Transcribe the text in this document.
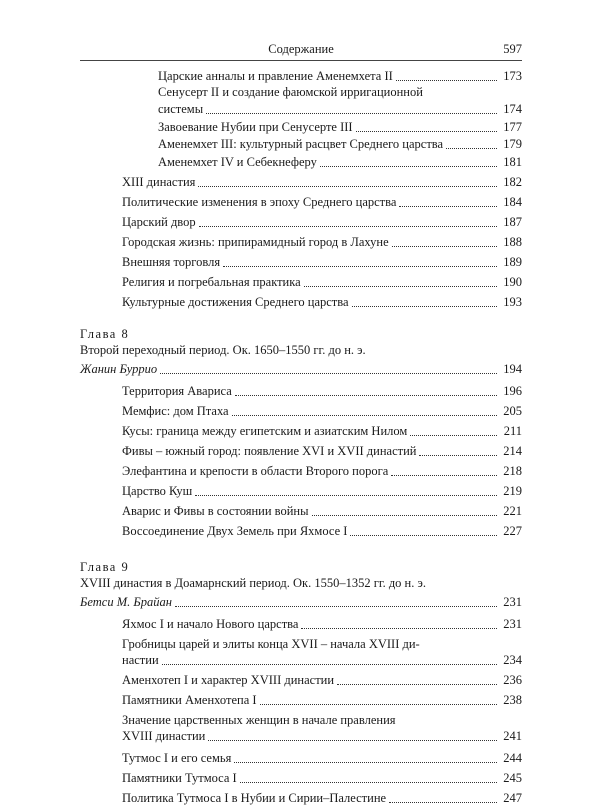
Содержание	597
Царские анналы и правление Аменемхета II	173
Сенусерт II и создание фаюмской ирригационной
системы	174
Завоевание Нубии при Сенусерте III	177
Аменемхет III: культурный расцвет Среднего царства	179
Аменемхет IV и Себекнеферу	181
XIII династия	182
Политические изменения в эпоху Среднего царства	184
Царский двор	187
Городская жизнь: припирамидный город в Лахуне	188
Внешняя торговля	189
Религия и погребальная практика	190
Культурные достижения Среднего царства	193
Глава 8
Второй переходный период. Ок. 1650–1550 гг. до н. э.
Жанин Буррио	194
Территория Авариса	196
Мемфис: дом Птаха	205
Кусы: граница между египетским и азиатским Нилом	211
Фивы – южный город: появление XVI и XVII династий	214
Элефантина и крепости в области Второго порога	218
Царство Куш	219
Аварис и Фивы в состоянии войны	221
Воссоединение Двух Земель при Яхмосе I	227
Глава 9
XVIII династия в Доамарнский период. Ок. 1550–1352 гг. до н. э.
Бетси М. Брайан	231
Яхмос I и начало Нового царства	231
Гробницы царей и элиты конца XVII – начала XVIII ди-
настии	234
Аменхотеп I и характер XVIII династии	236
Памятники Аменхотепа I	238
Значение царственных женщин в начале правления
XVIII династии	241
Тутмос I и его семья	244
Памятники Тутмоса I	245
Политика Тутмоса I в Нубии и Сирии–Палестине	247
